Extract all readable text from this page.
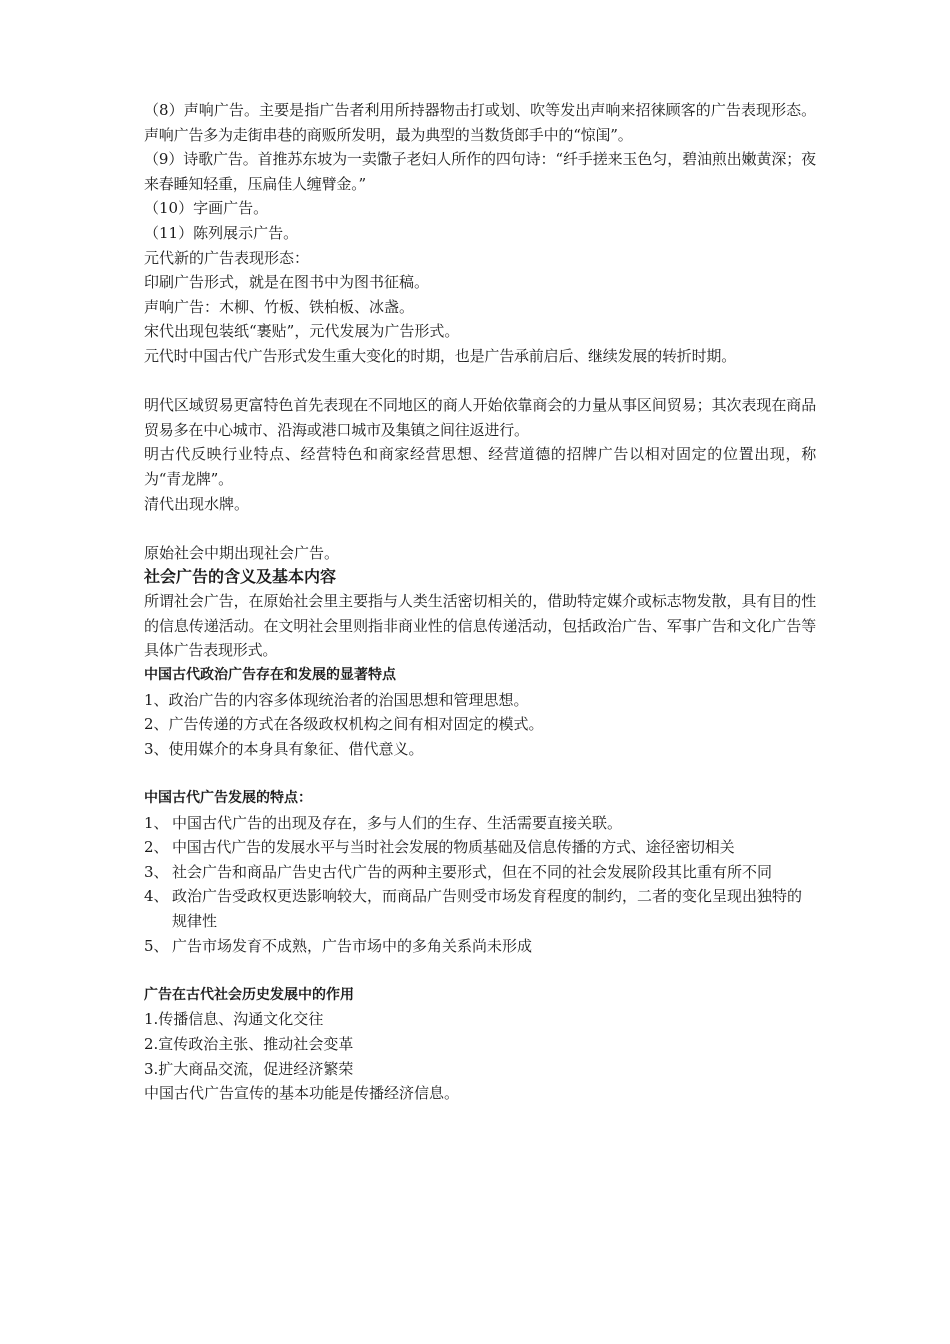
（8）声响广告。主要是指广告者利用所持器物击打或划、吹等发出声响来招徕顾客的广告表现形态。声响广告多为走街串巷的商贩所发明，最为典型的当数货郎手中的“惊闺”。

（9）诗歌广告。首推苏东坡为一卖馓子老妇人所作的四句诗：“纤手搓来玉色匀，碧油煎出嫩黄深；夜来春睡知轻重，压扁佳人缠臂金。”

（10）字画广告。

（11）陈列展示广告。

元代新的广告表现形态：

印刷广告形式，就是在图书中为图书征稿。

声响广告：木柳、竹板、铁柏板、冰盏。

宋代出现包装纸“裹贴”，元代发展为广告形式。

元代时中国古代广告形式发生重大变化的时期，也是广告承前启后、继续发展的转折时期。

明代区域贸易更富特色首先表现在不同地区的商人开始依靠商会的力量从事区间贸易；其次表现在商品贸易多在中心城市、沿海或港口城市及集镇之间往返进行。

明古代反映行业特点、经营特色和商家经营思想、经营道德的招牌广告以相对固定的位置出现，称为“青龙牌”。

清代出现水牌。

原始社会中期出现社会广告。

社会广告的含义及基本内容

所谓社会广告，在原始社会里主要指与人类生活密切相关的，借助特定媒介或标志物发散，具有目的性的信息传递活动。在文明社会里则指非商业性的信息传递活动，包括政治广告、军事广告和文化广告等具体广告表现形式。

中国古代政治广告存在和发展的显著特点

1、政治广告的内容多体现统治者的治国思想和管理思想。

2、广告传递的方式在各级政权机构之间有相对固定的模式。

3、使用媒介的本身具有象征、借代意义。

中国古代广告发展的特点：
1、 中国古代广告的出现及存在，多与人们的生存、生活需要直接关联。
2、 中国古代广告的发展水平与当时社会发展的物质基础及信息传播的方式、途径密切相关
3、 社会广告和商品广告史古代广告的两种主要形式，但在不同的社会发展阶段其比重有所不同
4、 政治广告受政权更迭影响较大，而商品广告则受市场发育程度的制约，二者的变化呈现出独特的规律性
5、 广告市场发育不成熟，广告市场中的多角关系尚未形成
广告在古代社会历史发展中的作用

1.传播信息、沟通文化交往

2.宣传政治主张、推动社会变革

3.扩大商品交流，促进经济繁荣

中国古代广告宣传的基本功能是传播经济信息。
